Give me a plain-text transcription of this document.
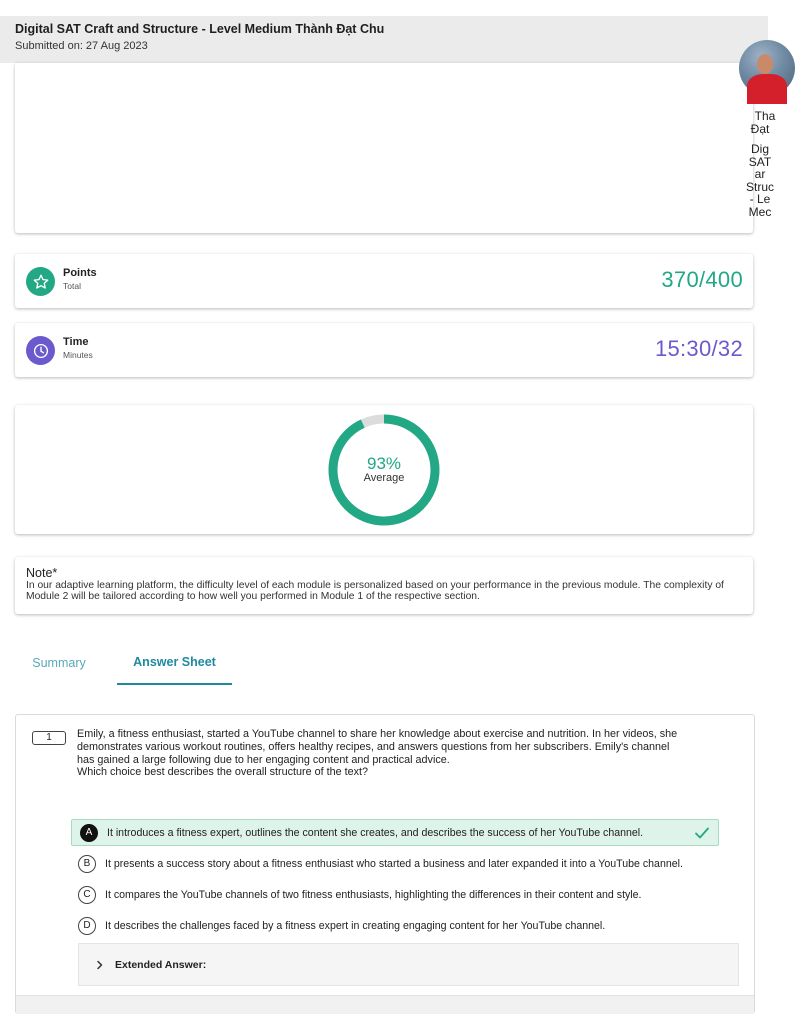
Digital SAT Craft and Structure - Level Medium Thành Đạt Chu
Submitted on: 27 Aug 2023
Tha
Đạt
Dig
SAT
ar
Struc
- Le
Mec
Points
Total	370/400
Time
Minutes	15:30/32
93%
Average
Note*
In our adaptive learning platform, the difficulty level of each module is personalized based on your performance in the previous module. The complexity of Module 2 will be tailored according to how well you performed in Module 1 of the respective section.
Summary	Answer Sheet
1	Emily, a fitness enthusiast, started a YouTube channel to share her knowledge about exercise and nutrition. In her videos, she demonstrates various workout routines, offers healthy recipes, and answers questions from her subscribers. Emily's channel has gained a large following due to her engaging content and practical advice.
Which choice best describes the overall structure of the text?
A	It introduces a fitness expert, outlines the content she creates, and describes the success of her YouTube channel.
B	It presents a success story about a fitness enthusiast who started a business and later expanded it into a YouTube channel.
C	It compares the YouTube channels of two fitness enthusiasts, highlighting the differences in their content and style.
D	It describes the challenges faced by a fitness expert in creating engaging content for her YouTube channel.
Extended Answer:
